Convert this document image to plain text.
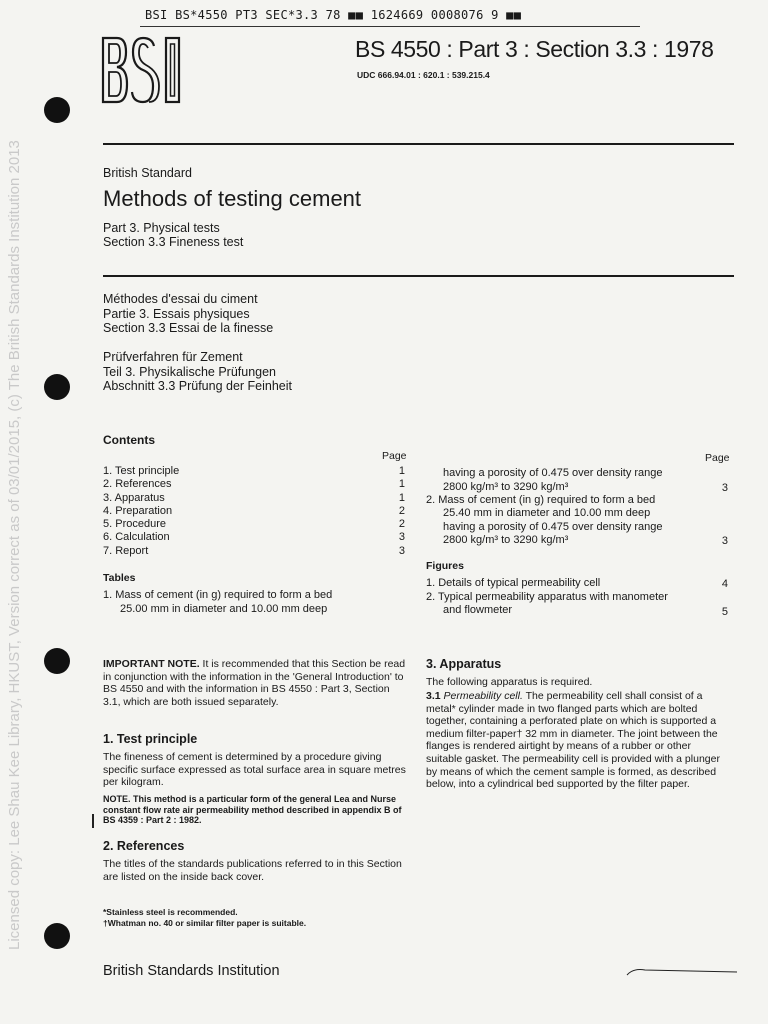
Licensed copy: Lee Shau Kee Library, HKUST, Version correct as of 03/01/2015, (c) The British Standards Institution 2013
BSI BS*4550 PT3 SEC*3.3 78 ■■ 1624669 0008076 9 ■■
BS 4550 : Part 3 : Section 3.3 : 1978
UDC 666.94.01 : 620.1 : 539.215.4
British Standard
Methods of testing cement
Part 3. Physical tests
Section 3.3 Fineness test
Méthodes d'essai du ciment
Partie 3. Essais physiques
Section 3.3 Essai de la finesse
Prüfverfahren für Zement
Teil 3. Physikalische Prüfungen
Abschnitt 3.3 Prüfung der Feinheit
Contents
Page	Page
1. Test principle	1
2. References	1
3. Apparatus	1
4. Preparation	2
5. Procedure	2
6. Calculation	3
7. Report	3
Tables
1. Mass of cement (in g) required to form a bed
25.00 mm in diameter and 10.00 mm deep
having a porosity of 0.475 over density range
2800 kg/m³ to 3290 kg/m³	3
2. Mass of cement (in g) required to form a bed
25.40 mm in diameter and 10.00 mm deep
having a porosity of 0.475 over density range
2800 kg/m³ to 3290 kg/m³	3
Figures
1. Details of typical permeability cell	4
2. Typical permeability apparatus with manometer
and flowmeter	5
IMPORTANT NOTE. It is recommended that this Section be read in conjunction with the information in the 'General Introduction' to BS 4550 and with the information in BS 4550 : Part 3, Section 3.1, which are both issued separately.
1. Test principle
The fineness of cement is determined by a procedure giving specific surface expressed as total surface area in square metres per kilogram.
NOTE. This method is a particular form of the general Lea and Nurse constant flow rate air permeability method described in appendix B of BS 4359 : Part 2 : 1982.
2. References
The titles of the standards publications referred to in this Section are listed on the inside back cover.
*Stainless steel is recommended.
†Whatman no. 40 or similar filter paper is suitable.
3. Apparatus
The following apparatus is required.
3.1 Permeability cell. The permeability cell shall consist of a metal* cylinder made in two flanged parts which are bolted together, containing a perforated plate on which is supported a medium filter-paper† 32 mm in diameter. The joint between the flanges is rendered airtight by means of a rubber or other suitable gasket. The permeability cell is provided with a plunger by means of which the cement sample is formed, as described below, into a cylindrical bed supported by the filter paper.
British Standards Institution
